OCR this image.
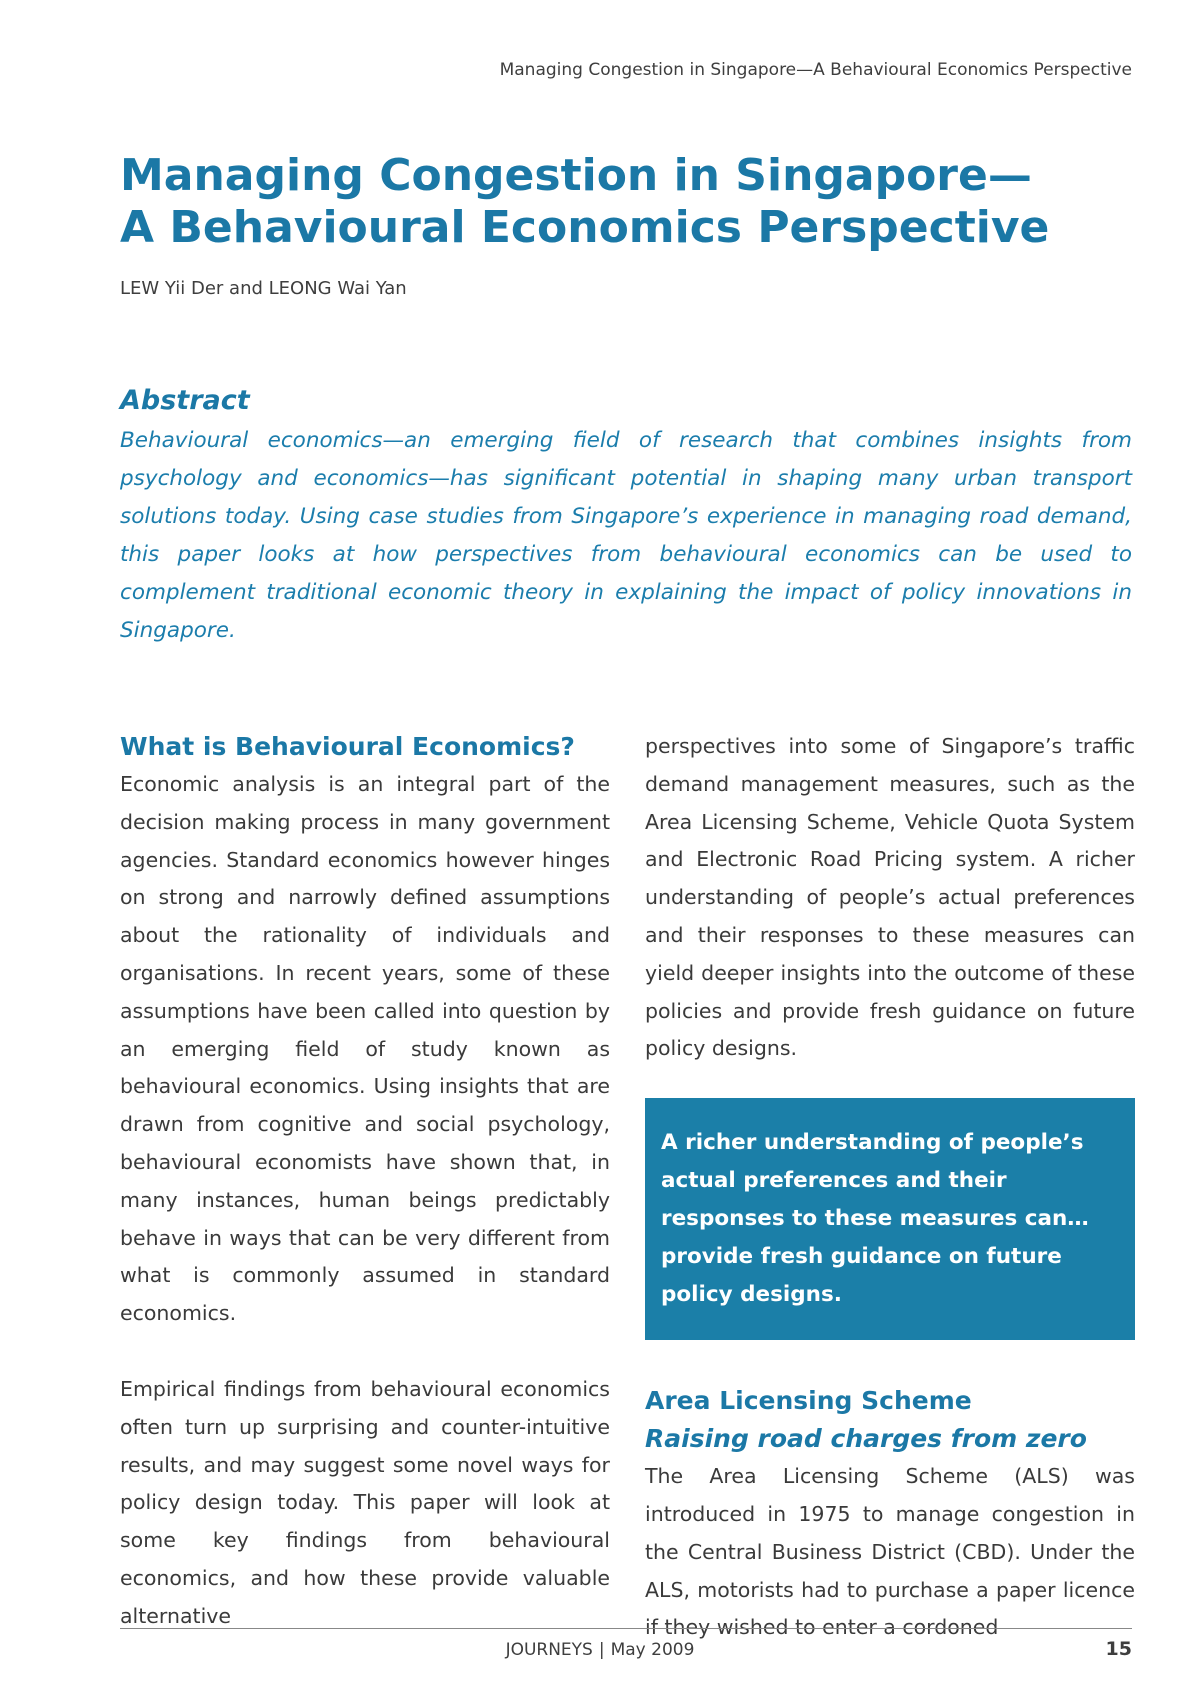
Managing Congestion in Singapore—A Behavioural Economics Perspective
Managing Congestion in Singapore—
A Behavioural Economics Perspective
LEW Yii Der and LEONG Wai Yan
Abstract

Behavioural economics—an emerging field of research that combines insights from psychology and economics—has significant potential in shaping many urban transport solutions today. Using case studies from Singapore’s experience in managing road demand, this paper looks at how perspectives from behavioural economics can be used to complement traditional economic theory in explaining the impact of policy innovations in Singapore.

What is Behavioural Economics?

Economic analysis is an integral part of the decision making process in many government agencies. Standard economics however hinges on strong and narrowly defined assumptions about the rationality of individuals and organisations. In recent years, some of these assumptions have been called into question by an emerging field of study known as behavioural economics. Using insights that are drawn from cognitive and social psychology, behavioural economists have shown that, in many instances, human beings predictably behave in ways that can be very different from what is commonly assumed in standard economics.

Empirical findings from behavioural economics often turn up surprising and counter-intuitive results, and may suggest some novel ways for policy design today. This paper will look at some key findings from behavioural economics, and how these provide valuable alternative

perspectives into some of Singapore’s traffic demand management measures, such as the Area Licensing Scheme, Vehicle Quota System and Electronic Road Pricing system. A richer understanding of people’s actual preferences and their responses to these measures can yield deeper insights into the outcome of these policies and provide fresh guidance on future policy designs.

A richer understanding of people’s actual preferences and their responses to these measures can… provide fresh guidance on future policy designs.
Area Licensing Scheme
Raising road charges from zero

The Area Licensing Scheme (ALS) was introduced in 1975 to manage congestion in the Central Business District (CBD). Under the ALS, motorists had to purchase a paper licence if they wished to enter a cordoned

JOURNEYS | May 2009	15
